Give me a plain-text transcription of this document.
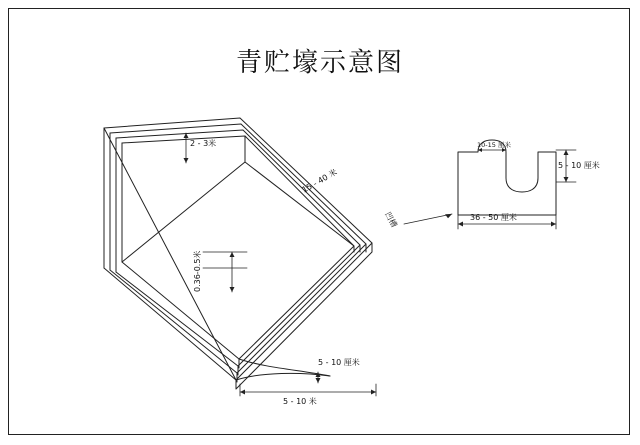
青贮壕示意图
2 - 3米
15 - 40 米
0.36-0.5米
5 - 10 米
5 - 10 厘米
凹槽
10-15 厘米
5 - 10 厘米
36 - 50 厘米
